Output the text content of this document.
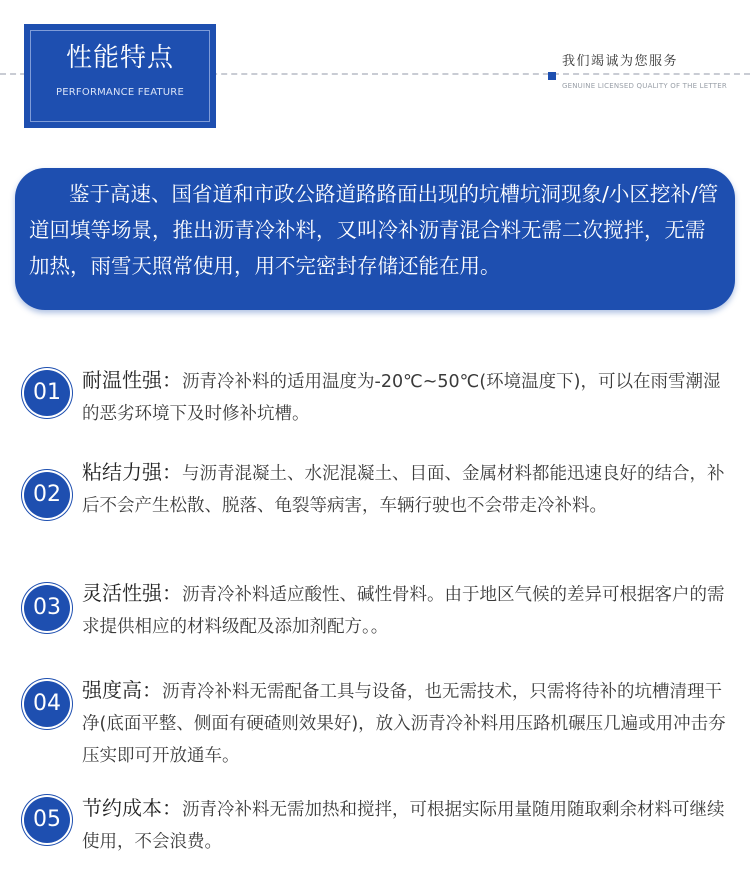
性能特点
PERFORMANCE FEATURE
我们竭诚为您服务
GENUINE LICENSED QUALITY OF THE LETTER
鉴于高速、国省道和市政公路道路路面出现的坑槽坑洞现象/小区挖补/管道回填等场景，推出沥青冷补料，又叫冷补沥青混合料无需二次搅拌，无需加热，雨雪天照常使用，用不完密封存储还能在用。
01	耐温性强：沥青冷补料的适用温度为-20℃~50℃(环境温度下)，可以在雨雪潮湿的恶劣环境下及时修补坑槽。
02
粘结力强：与沥青混凝土、水泥混凝土、目面、金属材料都能迅速良好的结合，补后不会产生松散、脱落、龟裂等病害，车辆行驶也不会带走冷补料。
03
灵活性强：沥青冷补料适应酸性、碱性骨料。由于地区气候的差异可根据客户的需求提供相应的材料级配及添加剂配方。。
04
强度高：沥青冷补料无需配备工具与设备，也无需技术，只需将待补的坑槽清理干净(底面平整、侧面有硬碴则效果好)，放入沥青冷补料用压路机碾压几遍或用冲击夯压实即可开放通车。
05	节约成本：沥青冷补料无需加热和搅拌，可根据实际用量随用随取剩余材料可继续使用，不会浪费。
